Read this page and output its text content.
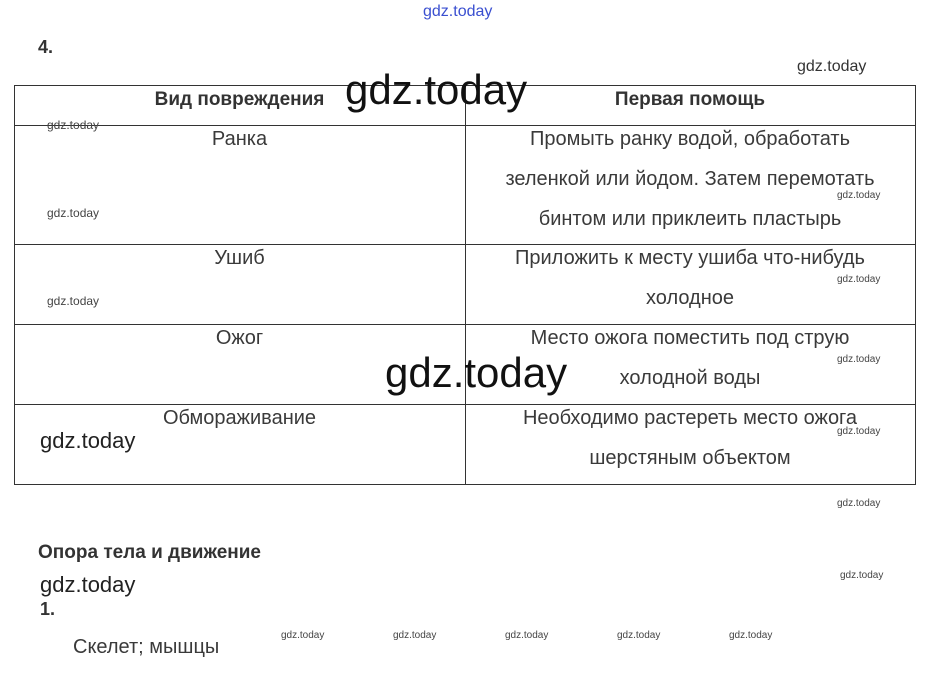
gdz.today
4.
gdz.today
Вид повреждения	Первая помощь
Ранка	Промыть ранку водой, обработать
зеленкой или йодом. Затем перемотать
бинтом или приклеить пластырь
Ушиб	Приложить к месту ушиба что-нибудь
холодное
Ожог	Место ожога поместить под струю
холодной воды
Обмораживание	Необходимо растереть место ожога
шерстяным объектом
gdz.today
gdz.today
gdz.today
gdz.today
gdz.today
gdz.today
gdz.today
gdz.today
gdz.today
gdz.today
gdz.today
Опора тела и движение
gdz.today	gdz.today
1.
gdz.today	gdz.today	gdz.today	gdz.today	gdz.today
Скелет; мышцы
